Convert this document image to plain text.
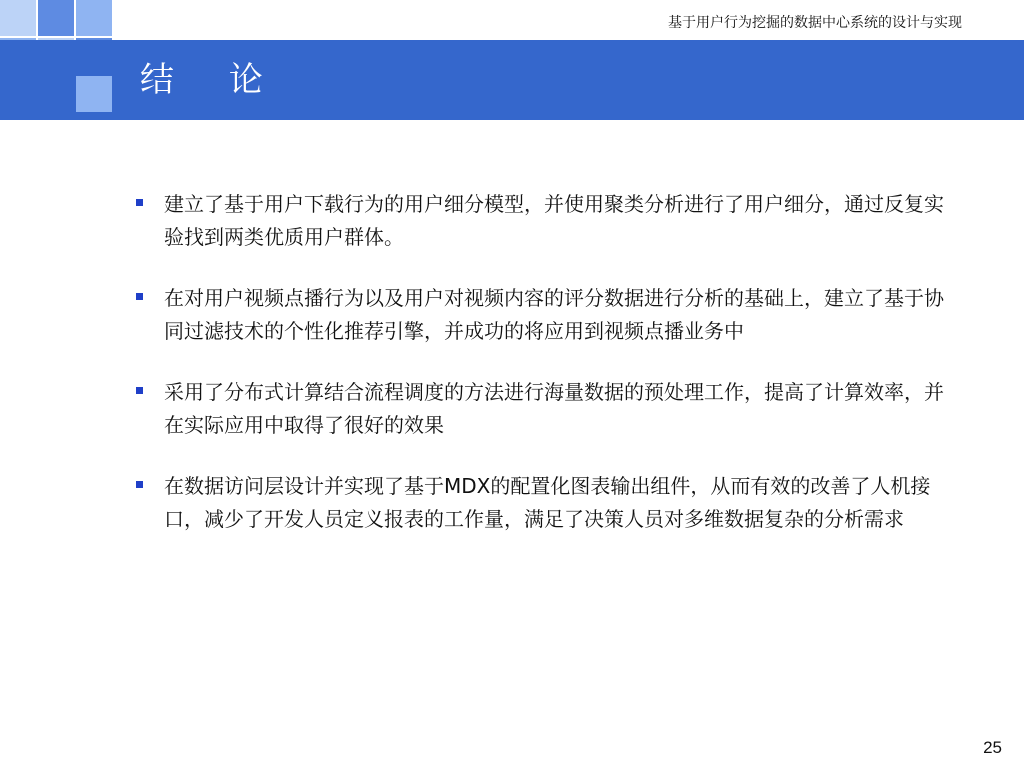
基于用户行为挖掘的数据中心系统的设计与实现
结 论
建立了基于用户下载行为的用户细分模型，并使用聚类分析进行了用户细分，通过反复实验找到两类优质用户群体。
在对用户视频点播行为以及用户对视频内容的评分数据进行分析的基础上，建立了基于协同过滤技术的个性化推荐引擎，并成功的将应用到视频点播业务中
采用了分布式计算结合流程调度的方法进行海量数据的预处理工作，提高了计算效率，并在实际应用中取得了很好的效果
在数据访问层设计并实现了基于MDX的配置化图表输出组件，从而有效的改善了人机接口，减少了开发人员定义报表的工作量，满足了决策人员对多维数据复杂的分析需求
25
